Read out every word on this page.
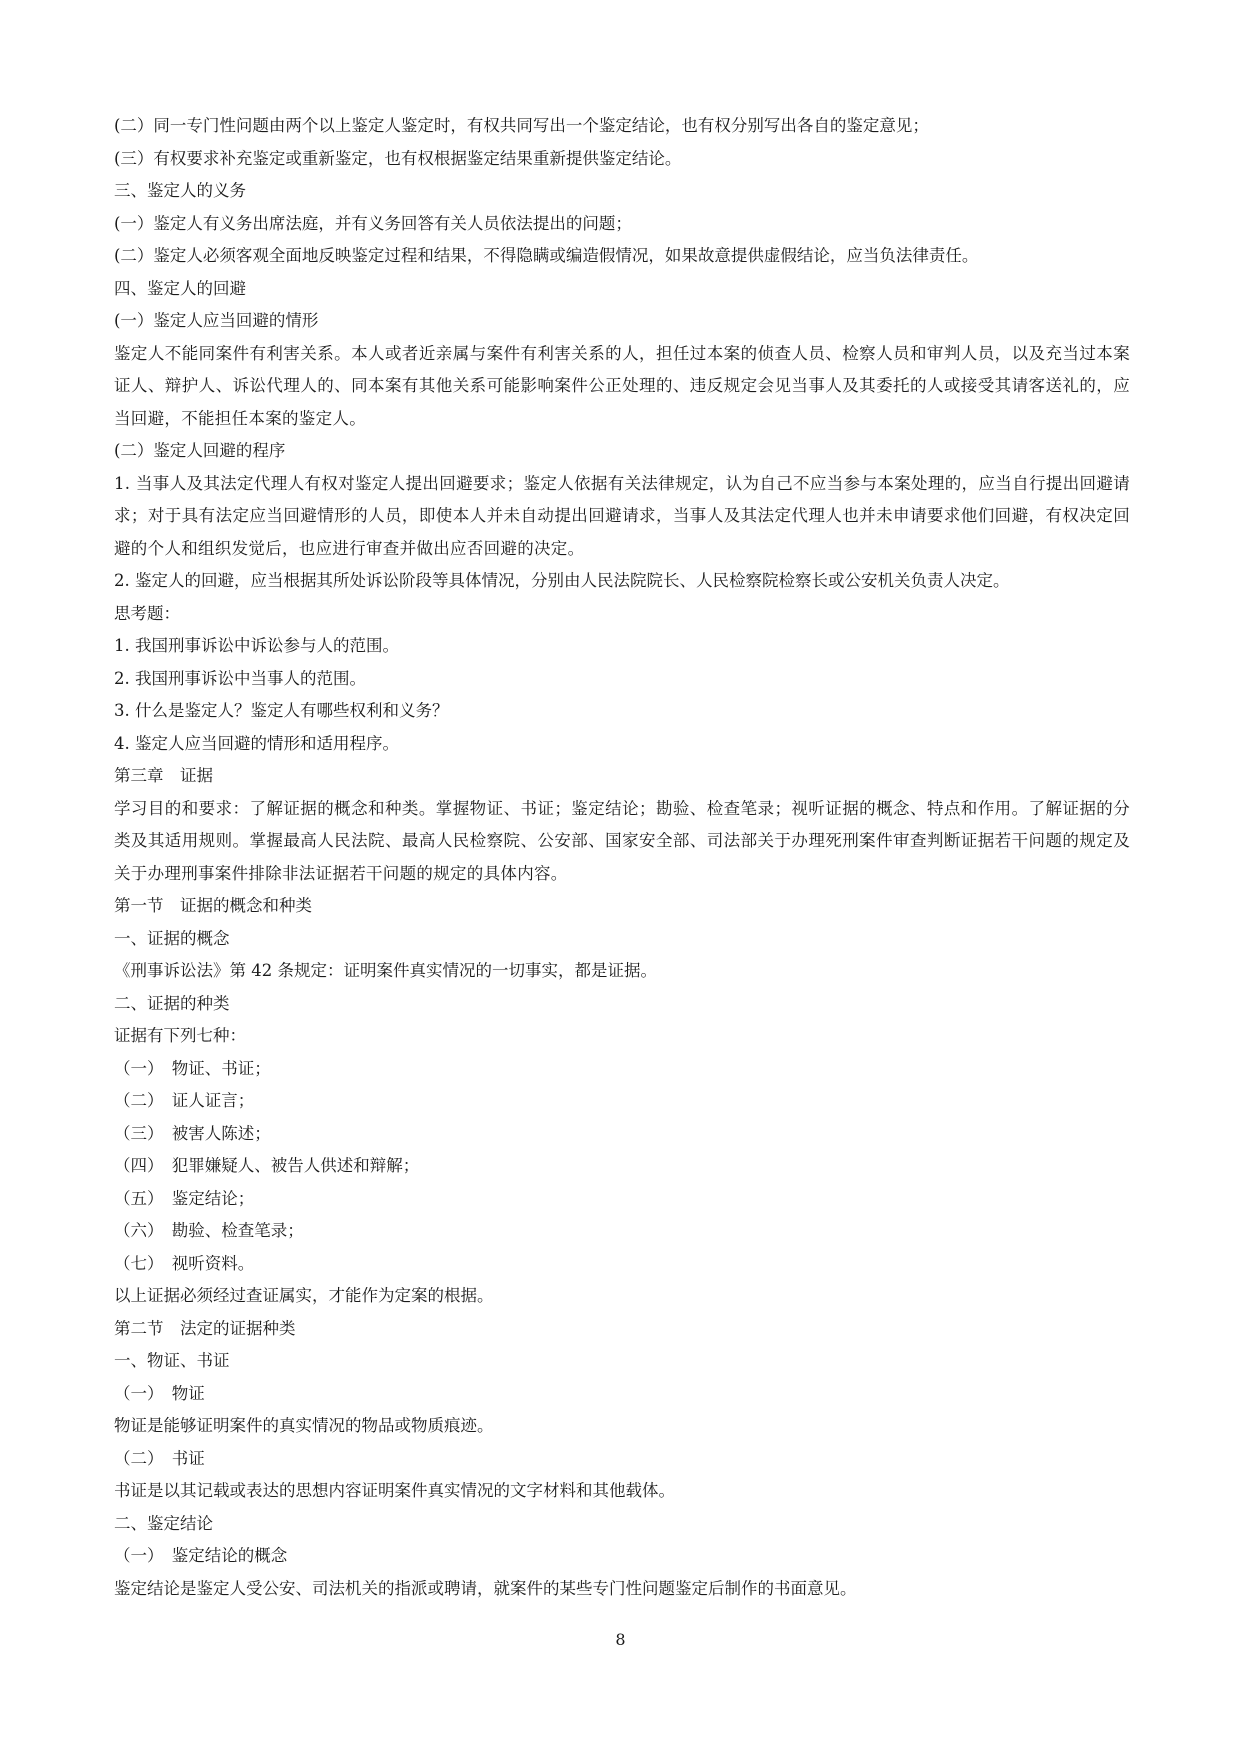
(二）同一专门性问题由两个以上鉴定人鉴定时，有权共同写出一个鉴定结论，也有权分别写出各自的鉴定意见；

(三）有权要求补充鉴定或重新鉴定，也有权根据鉴定结果重新提供鉴定结论。

三、鉴定人的义务

(一）鉴定人有义务出席法庭，并有义务回答有关人员依法提出的问题；

(二）鉴定人必须客观全面地反映鉴定过程和结果，不得隐瞒或编造假情况，如果故意提供虚假结论，应当负法律责任。

四、鉴定人的回避

(一）鉴定人应当回避的情形

鉴定人不能同案件有利害关系。本人或者近亲属与案件有利害关系的人，担任过本案的侦查人员、检察人员和审判人员，以及充当过本案证人、辩护人、诉讼代理人的、同本案有其他关系可能影响案件公正处理的、违反规定会见当事人及其委托的人或接受其请客送礼的，应当回避，不能担任本案的鉴定人。

(二）鉴定人回避的程序

1. 当事人及其法定代理人有权对鉴定人提出回避要求；鉴定人依据有关法律规定，认为自己不应当参与本案处理的，应当自行提出回避请求；对于具有法定应当回避情形的人员，即使本人并未自动提出回避请求，当事人及其法定代理人也并未申请要求他们回避，有权决定回避的个人和组织发觉后，也应进行审查并做出应否回避的决定。

2. 鉴定人的回避，应当根据其所处诉讼阶段等具体情况，分别由人民法院院长、人民检察院检察长或公安机关负责人决定。

思考题：

1. 我国刑事诉讼中诉讼参与人的范围。

2. 我国刑事诉讼中当事人的范围。

3. 什么是鉴定人？鉴定人有哪些权利和义务？

4. 鉴定人应当回避的情形和适用程序。

第三章　证据

学习目的和要求：了解证据的概念和种类。掌握物证、书证；鉴定结论；勘验、检查笔录；视听证据的概念、特点和作用。了解证据的分类及其适用规则。掌握最高人民法院、最高人民检察院、公安部、国家安全部、司法部关于办理死刑案件审查判断证据若干问题的规定及关于办理刑事案件排除非法证据若干问题的规定的具体内容。

第一节　证据的概念和种类

一、证据的概念

《刑事诉讼法》第 42 条规定：证明案件真实情况的一切事实，都是证据。

二、证据的种类

证据有下列七种：

（一）　物证、书证；

（二）　证人证言；

（三）　被害人陈述；

（四）　犯罪嫌疑人、被告人供述和辩解；

（五）　鉴定结论；

（六）　勘验、检查笔录；

（七）　视听资料。

以上证据必须经过查证属实，才能作为定案的根据。

第二节　法定的证据种类

一、物证、书证

（一）　物证

物证是能够证明案件的真实情况的物品或物质痕迹。

（二）　书证

书证是以其记载或表达的思想内容证明案件真实情况的文字材料和其他载体。

二、鉴定结论

（一）　鉴定结论的概念

鉴定结论是鉴定人受公安、司法机关的指派或聘请，就案件的某些专门性问题鉴定后制作的书面意见。

8
